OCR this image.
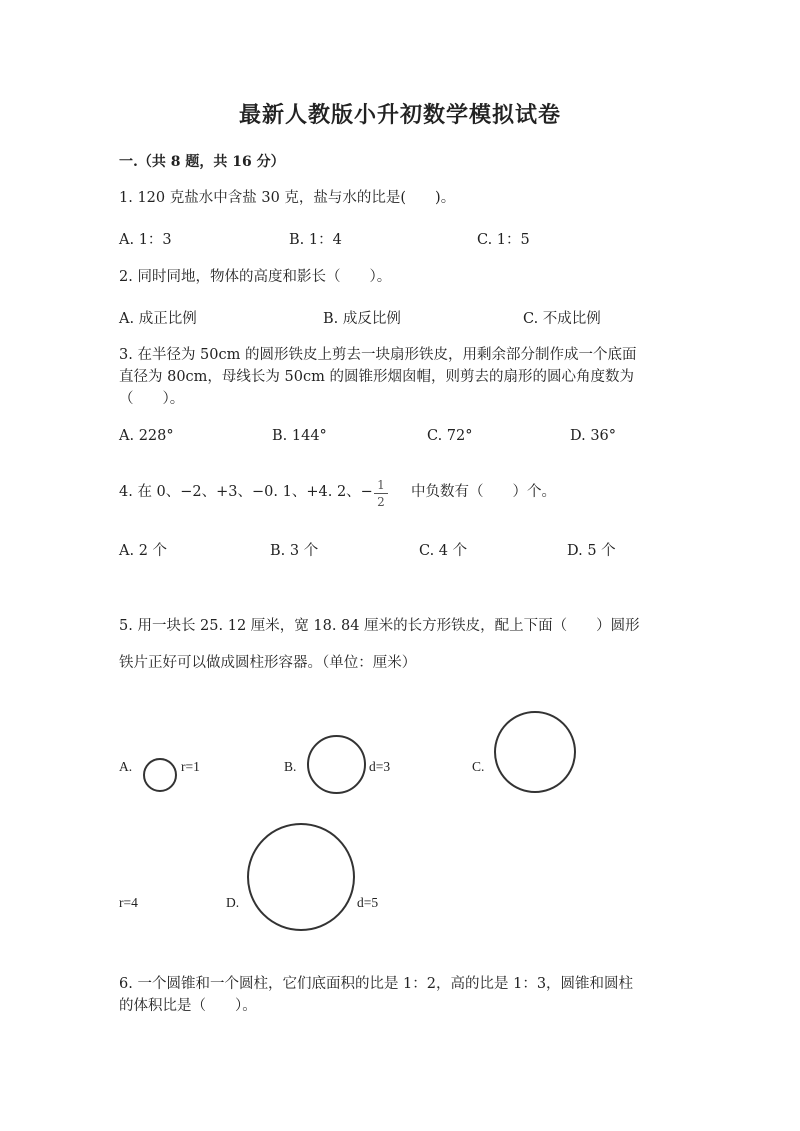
最新人教版小升初数学模拟试卷
一.（共 8 题，共 16 分）
1. 120 克盐水中含盐 30 克，盐与水的比是(　　)。
A. 1：3	B. 1：4	C. 1：5
2. 同时同地，物体的高度和影长（　　）。
A. 成正比例	B. 成反比例	C. 不成比例
3. 在半径为 50cm 的圆形铁皮上剪去一块扇形铁皮，用剩余部分制作成一个底面
直径为 80cm，母线长为 50cm 的圆锥形烟囱帽，则剪去的扇形的圆心角度数为
（　　）。
A. 228°	B. 144°	C. 72°	D. 36°
4. 在 0、−2、+3、−0. 1、+4. 2、− 1
2
中负数有（　　）个。
A. 2 个	B. 3 个	C. 4 个	D. 5 个
5. 用一块长 25. 12 厘米，宽 18. 84 厘米的长方形铁皮，配上下面（　　）圆形
铁片正好可以做成圆柱形容器。（单位：厘米）
A.	r=1	B.	d=3	C.
r=4	D.	d=5
6. 一个圆锥和一个圆柱，它们底面积的比是 1：2，高的比是 1：3，圆锥和圆柱
的体积比是（　　）。
